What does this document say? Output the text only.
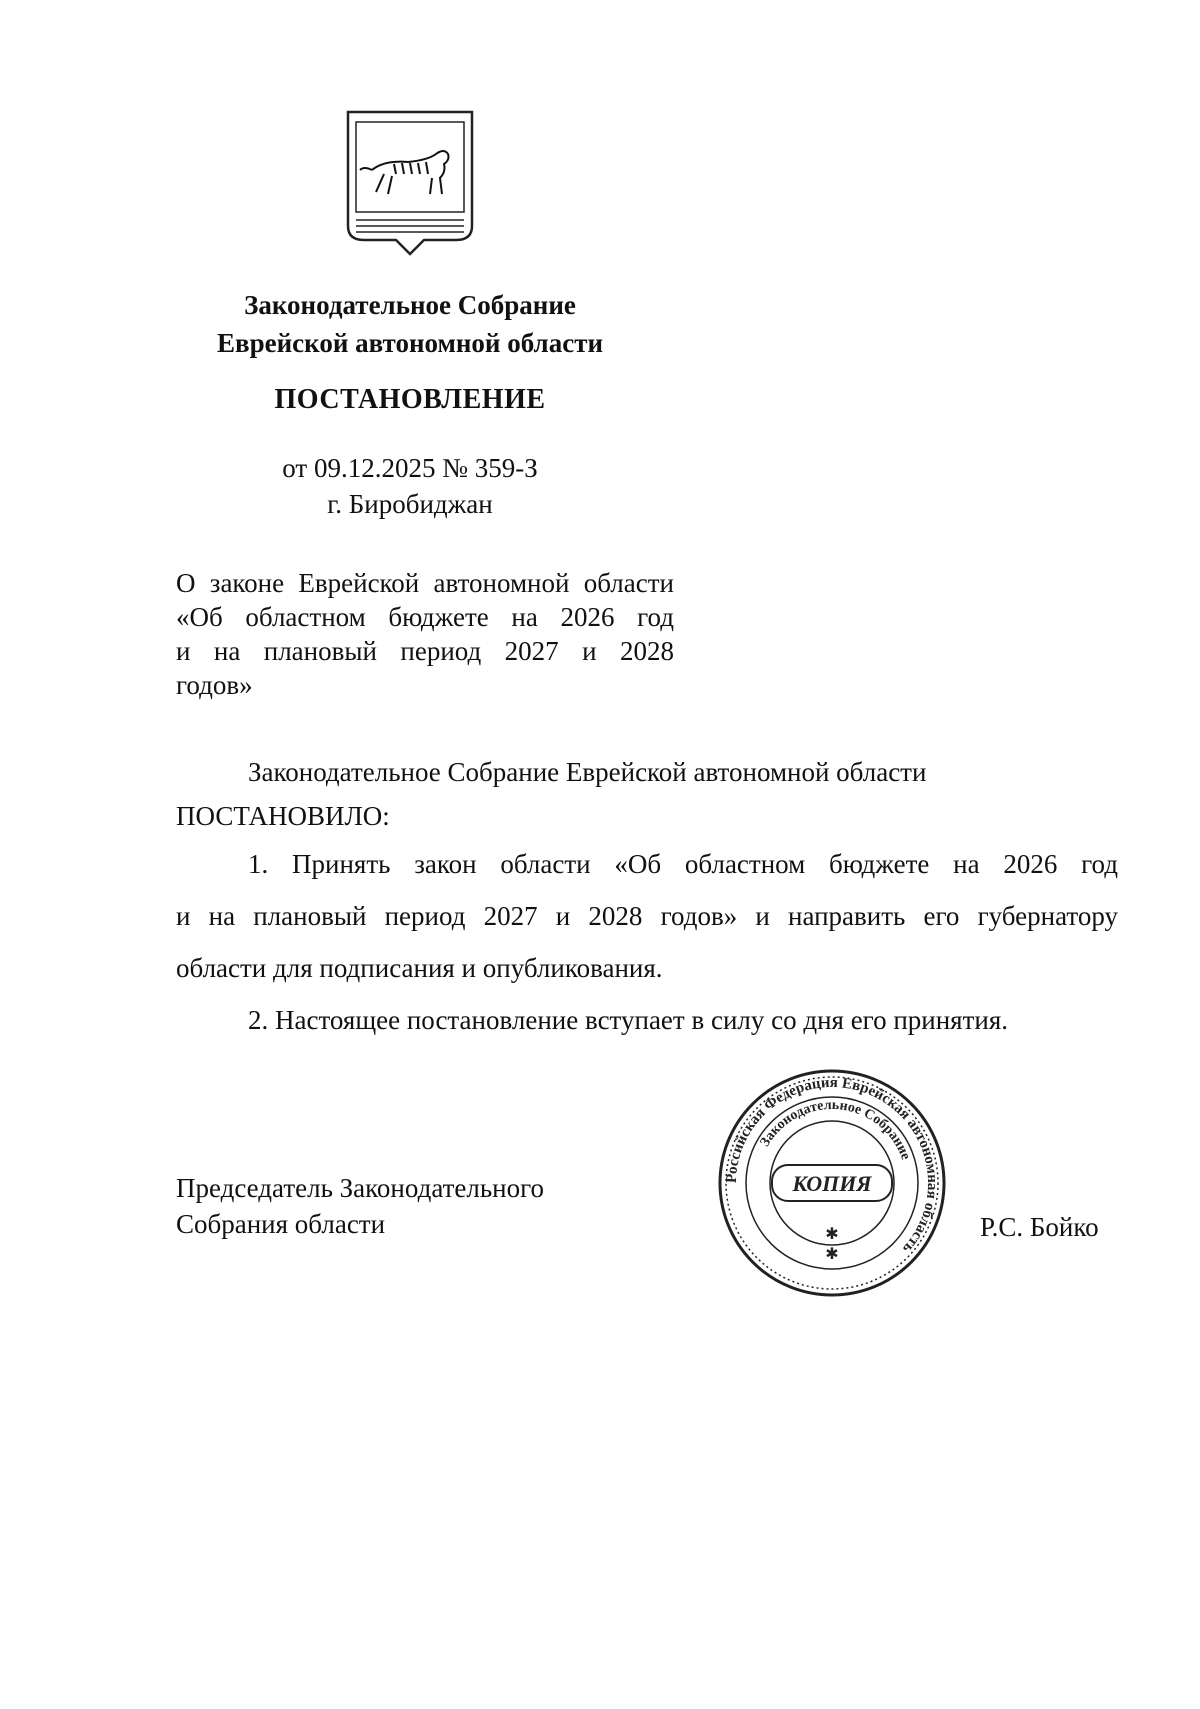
Законодательное Собрание
Еврейской автономной области
ПОСТАНОВЛЕНИЕ
от 09.12.2025 № 359-З
г. Биробиджан
О законе Еврейской автономной области
«Об областном бюджете на 2026 год
и на плановый период 2027 и 2028
годов»
Законодательное Собрание Еврейской автономной области
ПОСТАНОВИЛО:
1. Принять закон области «Об областном бюджете на 2026 год
и на плановый период 2027 и 2028 годов» и направить его губернатору
области для подписания и опубликования.
2. Настоящее постановление вступает в силу со дня его принятия.
Председатель Законодательного
Собрания области	Р.С. Бойко
Российская Федерация Еврейская автономная область
Законодательное Собрание
КОПИЯ
✱
✱
